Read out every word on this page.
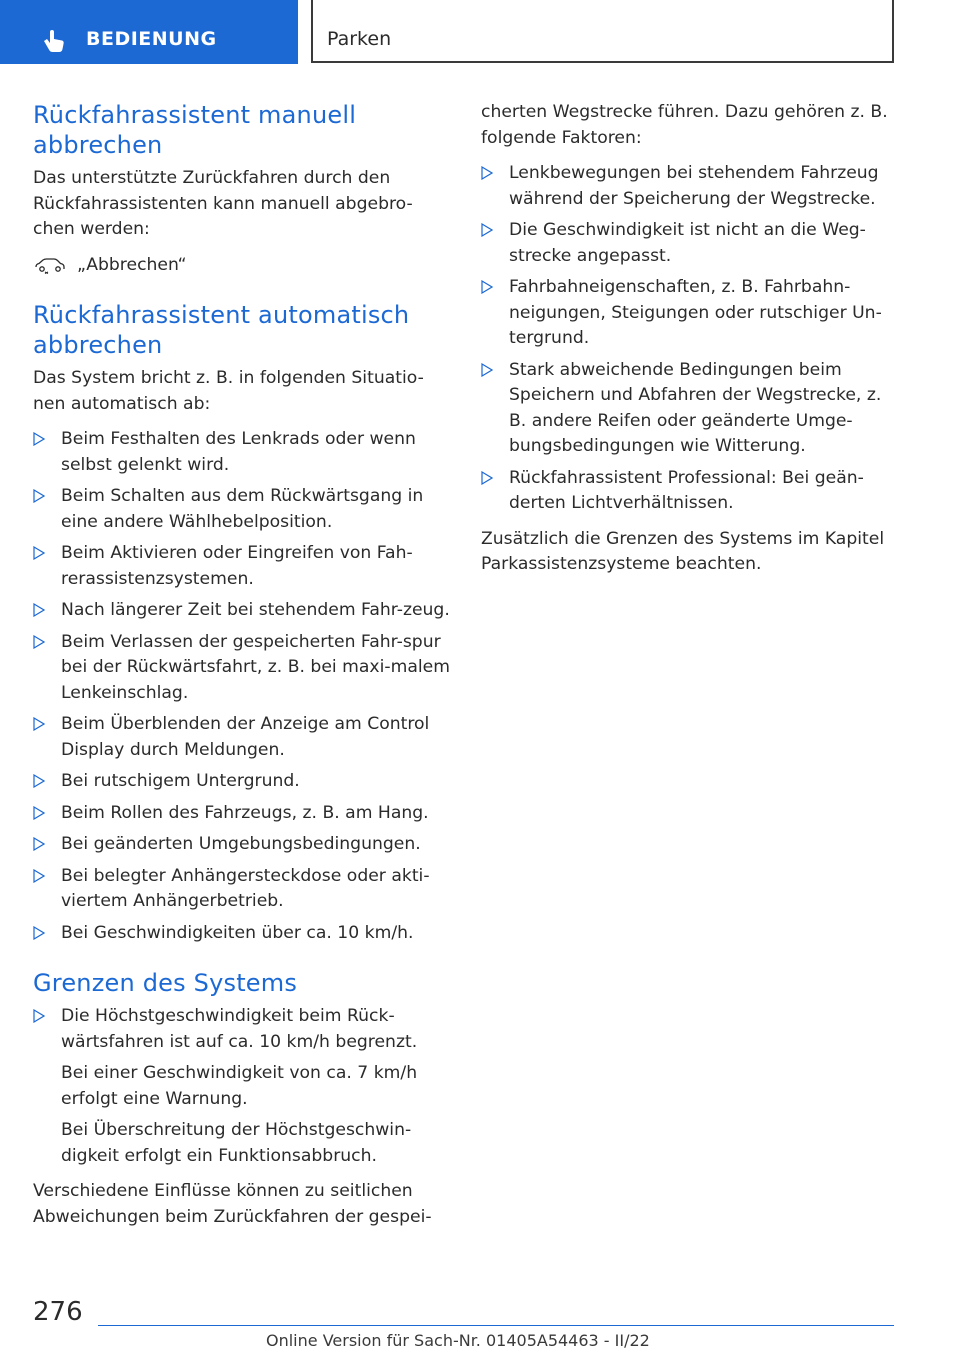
BEDIENUNG	Parken
Rückfahrassistent manuell abbrechen

Das unterstützte Zurückfahren durch den Rückfahrassistenten kann manuell abgebro-chen werden:

„Abbrechen“
Rückfahrassistent automatisch abbrechen

Das System bricht z. B. in folgenden Situatio-nen automatisch ab:

Beim Festhalten des Lenkrads oder wenn selbst gelenkt wird.
Beim Schalten aus dem Rückwärtsgang in eine andere Wählhebelposition.
Beim Aktivieren oder Eingreifen von Fah-rerassistenzsystemen.
Nach längerer Zeit bei stehendem Fahr-zeug.
Beim Verlassen der gespeicherten Fahr-spur bei der Rückwärtsfahrt, z. B. bei maxi-malem Lenkeinschlag.
Beim Überblenden der Anzeige am Control Display durch Meldungen.
Bei rutschigem Untergrund.
Beim Rollen des Fahrzeugs, z. B. am Hang.
Bei geänderten Umgebungsbedingungen.
Bei belegter Anhängersteckdose oder akti-viertem Anhängerbetrieb.
Bei Geschwindigkeiten über ca. 10 km/h.
Grenzen des Systems
Die Höchstgeschwindigkeit beim Rück-wärtsfahren ist auf ca. 10 km/h begrenzt.

Bei einer Geschwindigkeit von ca. 7 km/h erfolgt eine Warnung.

Bei Überschreitung der Höchstgeschwin-digkeit erfolgt ein Funktionsabbruch.

Verschiedene Einflüsse können zu seitlichen Abweichungen beim Zurückfahren der gespei-

cherten Wegstrecke führen. Dazu gehören z. B. folgende Faktoren:

Lenkbewegungen bei stehendem Fahrzeug während der Speicherung der Wegstrecke.
Die Geschwindigkeit ist nicht an die Weg-strecke angepasst.
Fahrbahneigenschaften, z. B. Fahrbahn-neigungen, Steigungen oder rutschiger Un-tergrund.
Stark abweichende Bedingungen beim Speichern und Abfahren der Wegstrecke, z. B. andere Reifen oder geänderte Umge-bungsbedingungen wie Witterung.
Rückfahrassistent Professional: Bei geän-derten Lichtverhältnissen.

Zusätzlich die Grenzen des Systems im Kapitel Parkassistenzsysteme beachten.

276
Online Version für Sach-Nr. 01405A54463 - II/22
